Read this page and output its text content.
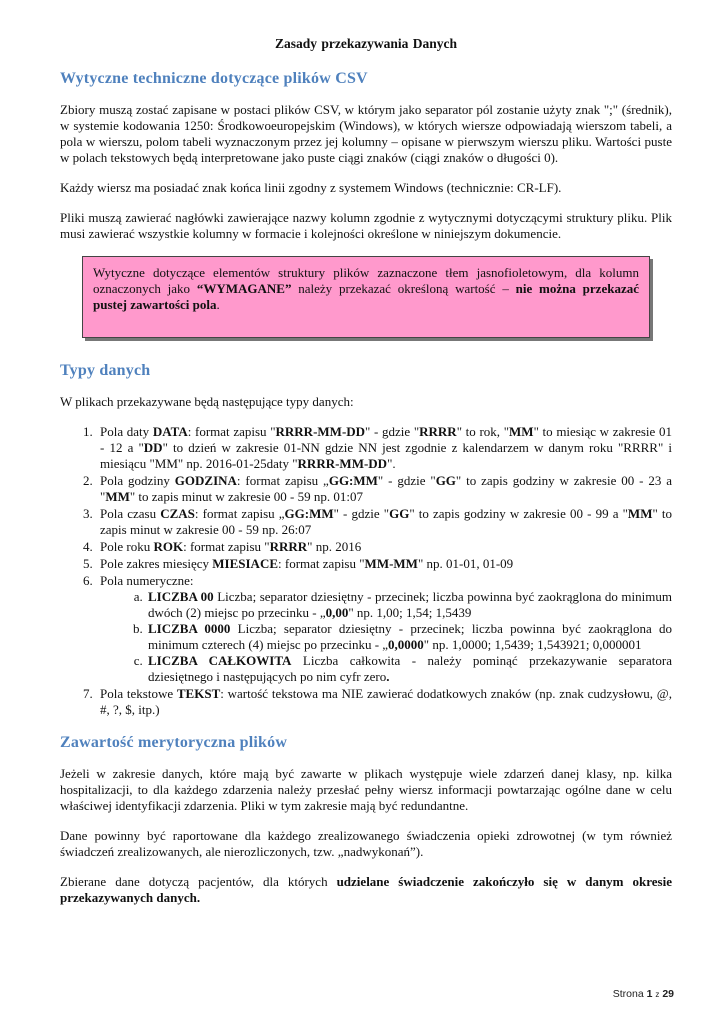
Zasady przekazywania Danych
Wytyczne techniczne dotyczące plików CSV

Zbiory muszą zostać zapisane w postaci plików CSV, w którym jako separator pól zostanie użyty znak ";" (średnik), w systemie kodowania 1250: Środkowoeuropejskim (Windows), w których wiersze odpowiadają wierszom tabeli, a pola w wierszu, polom tabeli wyznaczonym przez jej kolumny – opisane w pierwszym wierszu pliku. Wartości puste w polach tekstowych będą interpretowane jako puste ciągi znaków (ciągi znaków o długości 0).

Każdy wiersz ma posiadać znak końca linii zgodny z systemem Windows (technicznie: CR-LF).

Pliki muszą zawierać nagłówki zawierające nazwy kolumn zgodnie z wytycznymi dotyczącymi struktury pliku. Plik musi zawierać wszystkie kolumny w formacie i kolejności określone w niniejszym dokumencie.

Wytyczne dotyczące elementów struktury plików zaznaczone tłem jasnofioletowym, dla kolumn oznaczonych jako “WYMAGANE” należy przekazać określoną wartość – nie można przekazać pustej zawartości pola.
Typy danych

W plikach przekazywane będą następujące typy danych:

1. Pola daty DATA: format zapisu "RRRR-MM-DD" - gdzie "RRRR" to rok, "MM" to miesiąc w zakresie 01 - 12 a "DD" to dzień w zakresie 01-NN gdzie NN jest zgodnie z kalendarzem w danym roku "RRRR" i miesiącu "MM" np. 2016-01-25daty "RRRR-MM-DD".
2. Pola godziny GODZINA: format zapisu „GG:MM" - gdzie "GG" to zapis godziny w zakresie 00 - 23 a "MM" to zapis minut w zakresie 00 - 59 np. 01:07
3. Pola czasu CZAS: format zapisu „GG:MM" - gdzie "GG" to zapis godziny w zakresie 00 - 99 a "MM" to zapis minut w zakresie 00 - 59 np. 26:07
4. Pole roku ROK: format zapisu "RRRR" np. 2016
5. Pole zakres miesięcy MIESIACE: format zapisu "MM-MM" np. 01-01, 01-09
6. Pola numeryczne:
a. LICZBA 00 Liczba; separator dziesiętny - przecinek; liczba powinna być zaokrąglona do minimum dwóch (2) miejsc po przecinku - „0,00" np. 1,00; 1,54; 1,5439
b. LICZBA 0000 Liczba; separator dziesiętny - przecinek; liczba powinna być zaokrąglona do minimum czterech (4) miejsc po przecinku - „0,0000" np. 1,0000; 1,5439; 1,543921; 0,000001
c. LICZBA CAŁKOWITA Liczba całkowita - należy pominąć przekazywanie separatora dziesiętnego i następujących po nim cyfr zero.
7. Pola tekstowe TEKST: wartość tekstowa ma NIE zawierać dodatkowych znaków (np. znak cudzysłowu, @, #, ?, $, itp.)
Zawartość merytoryczna plików

Jeżeli w zakresie danych, które mają być zawarte w plikach występuje wiele zdarzeń danej klasy, np. kilka hospitalizacji, to dla każdego zdarzenia należy przesłać pełny wiersz informacji powtarzając ogólne dane w celu właściwej identyfikacji zdarzenia. Pliki w tym zakresie mają być redundantne.

Dane powinny być raportowane dla każdego zrealizowanego świadczenia opieki zdrowotnej (w tym również świadczeń zrealizowanych, ale nierozliczonych, tzw. „nadwykonań”).

Zbierane dane dotyczą pacjentów, dla których udzielane świadczenie zakończyło się w danym okresie przekazywanych danych.

Strona 1 z 29
